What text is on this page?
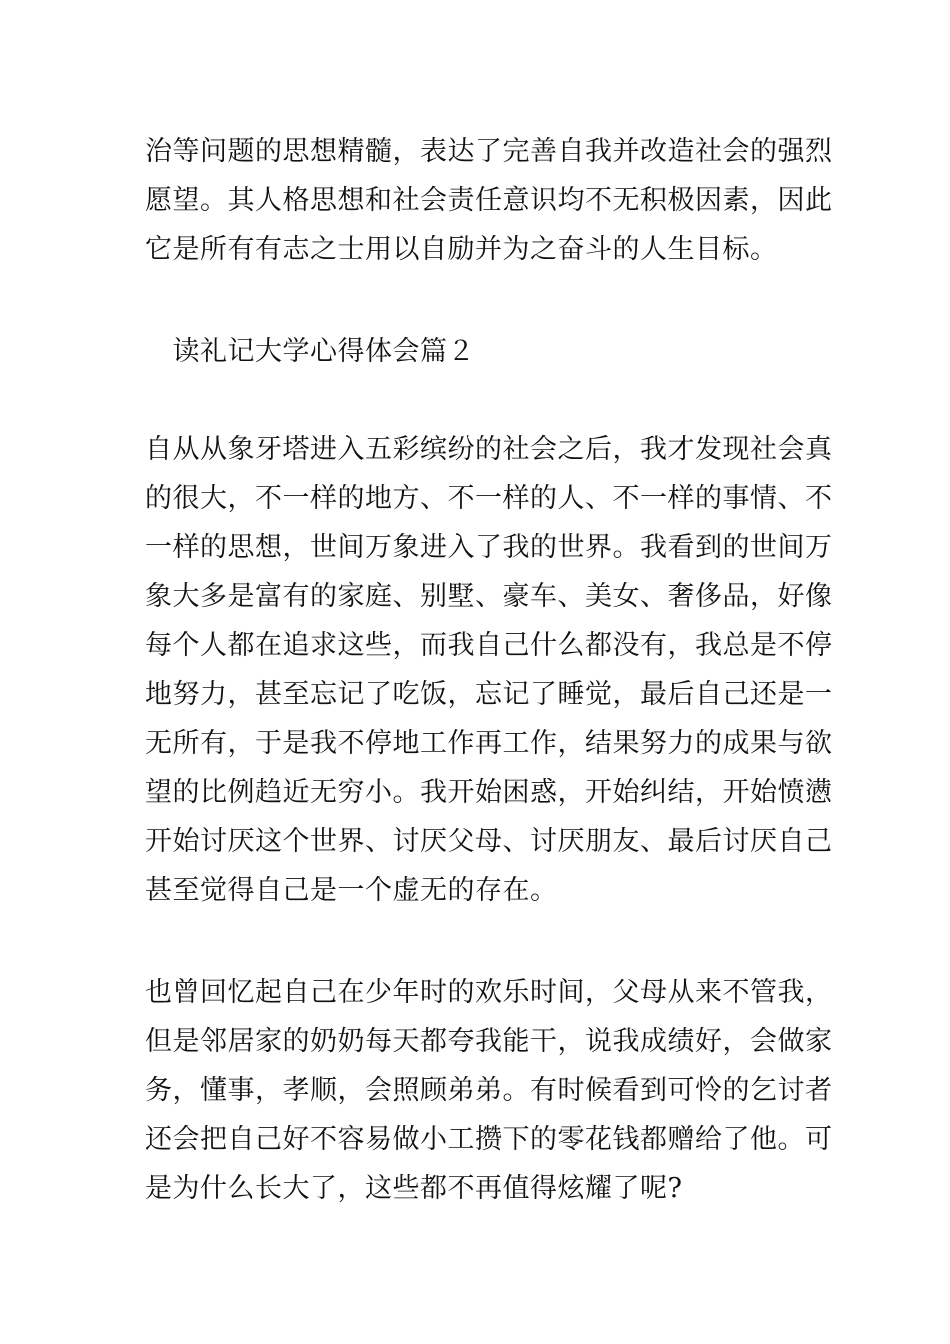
治等问题的思想精髓，表达了完善自我并改造社会的强烈
愿望。其人格思想和社会责任意识均不无积极因素，因此
它是所有有志之士用以自励并为之奋斗的人生目标。
　读礼记大学心得体会篇２
自从从象牙塔进入五彩缤纷的社会之后，我才发现社会真
的很大，不一样的地方、不一样的人、不一样的事情、不
一样的思想，世间万象进入了我的世界。我看到的世间万
象大多是富有的家庭、别墅、豪车、美女、奢侈品，好像
每个人都在追求这些，而我自己什么都没有，我总是不停
地努力，甚至忘记了吃饭，忘记了睡觉，最后自己还是一
无所有，于是我不停地工作再工作，结果努力的成果与欲
望的比例趋近无穷小。我开始困惑，开始纠结，开始愤懑
开始讨厌这个世界、讨厌父母、讨厌朋友、最后讨厌自己
甚至觉得自己是一个虚无的存在。
也曾回忆起自己在少年时的欢乐时间，父母从来不管我，
但是邻居家的奶奶每天都夸我能干，说我成绩好，会做家
务，懂事，孝顺，会照顾弟弟。有时候看到可怜的乞讨者
还会把自己好不容易做小工攒下的零花钱都赠给了他。可
是为什么长大了，这些都不再值得炫耀了呢?
